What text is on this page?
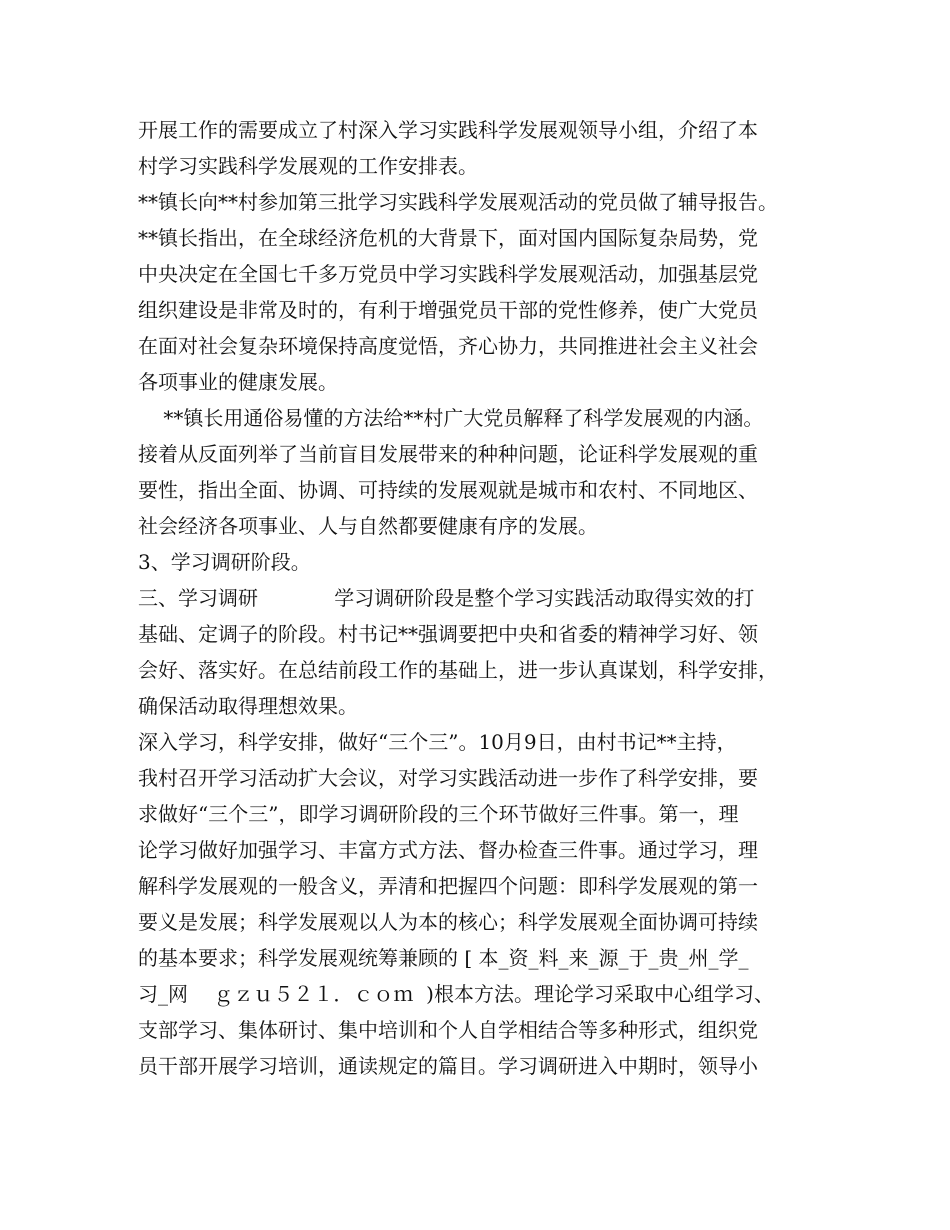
开展工作的需要成立了村深入学习实践科学发展观领导小组，介绍了本
村学习实践科学发展观的工作安排表。
**镇长向**村参加第三批学习实践科学发展观活动的党员做了辅导报告。
**镇长指出，在全球经济危机的大背景下，面对国内国际复杂局势，党
中央决定在全国七千多万党员中学习实践科学发展观活动，加强基层党
组织建设是非常及时的，有利于增强党员干部的党性修养，使广大党员
在面对社会复杂环境保持高度觉悟，齐心协力，共同推进社会主义社会
各项事业的健康发展。
**镇长用通俗易懂的方法给**村广大党员解释了科学发展观的内涵。
接着从反面列举了当前盲目发展带来的种种问题，论证科学发展观的重
要性，指出全面、协调、可持续的发展观就是城市和农村、不同地区、
社会经济各项事业、人与自然都要健康有序的发展。
3、学习调研阶段。
三、学习调研            学习调研阶段是整个学习实践活动取得实效的打
基础、定调子的阶段。村书记**强调要把中央和省委的精神学习好、领
会好、落实好。在总结前段工作的基础上，进一步认真谋划，科学安排，
确保活动取得理想效果。
深入学习，科学安排，做好“三个三”。10月9日，由村书记**主持，
我村召开学习活动扩大会议，对学习实践活动进一步作了科学安排，要
求做好“三个三”，即学习调研阶段的三个环节做好三件事。第一，理
论学习做好加强学习、丰富方式方法、督办检查三件事。通过学习，理
解科学发展观的一般含义，弄清和把握四个问题：即科学发展观的第一
要义是发展；科学发展观以人为本的核心；科学发展观全面协调可持续
的基本要求；科学发展观统筹兼顾的 [ 本_资_料_来_源_于_贵_州_学_
习_网    ｇｚｕ５２１．ｃｏｍ  )根本方法。理论学习采取中心组学习、
支部学习、集体研讨、集中培训和个人自学相结合等多种形式，组织党
员干部开展学习培训，通读规定的篇目。学习调研进入中期时，领导小
